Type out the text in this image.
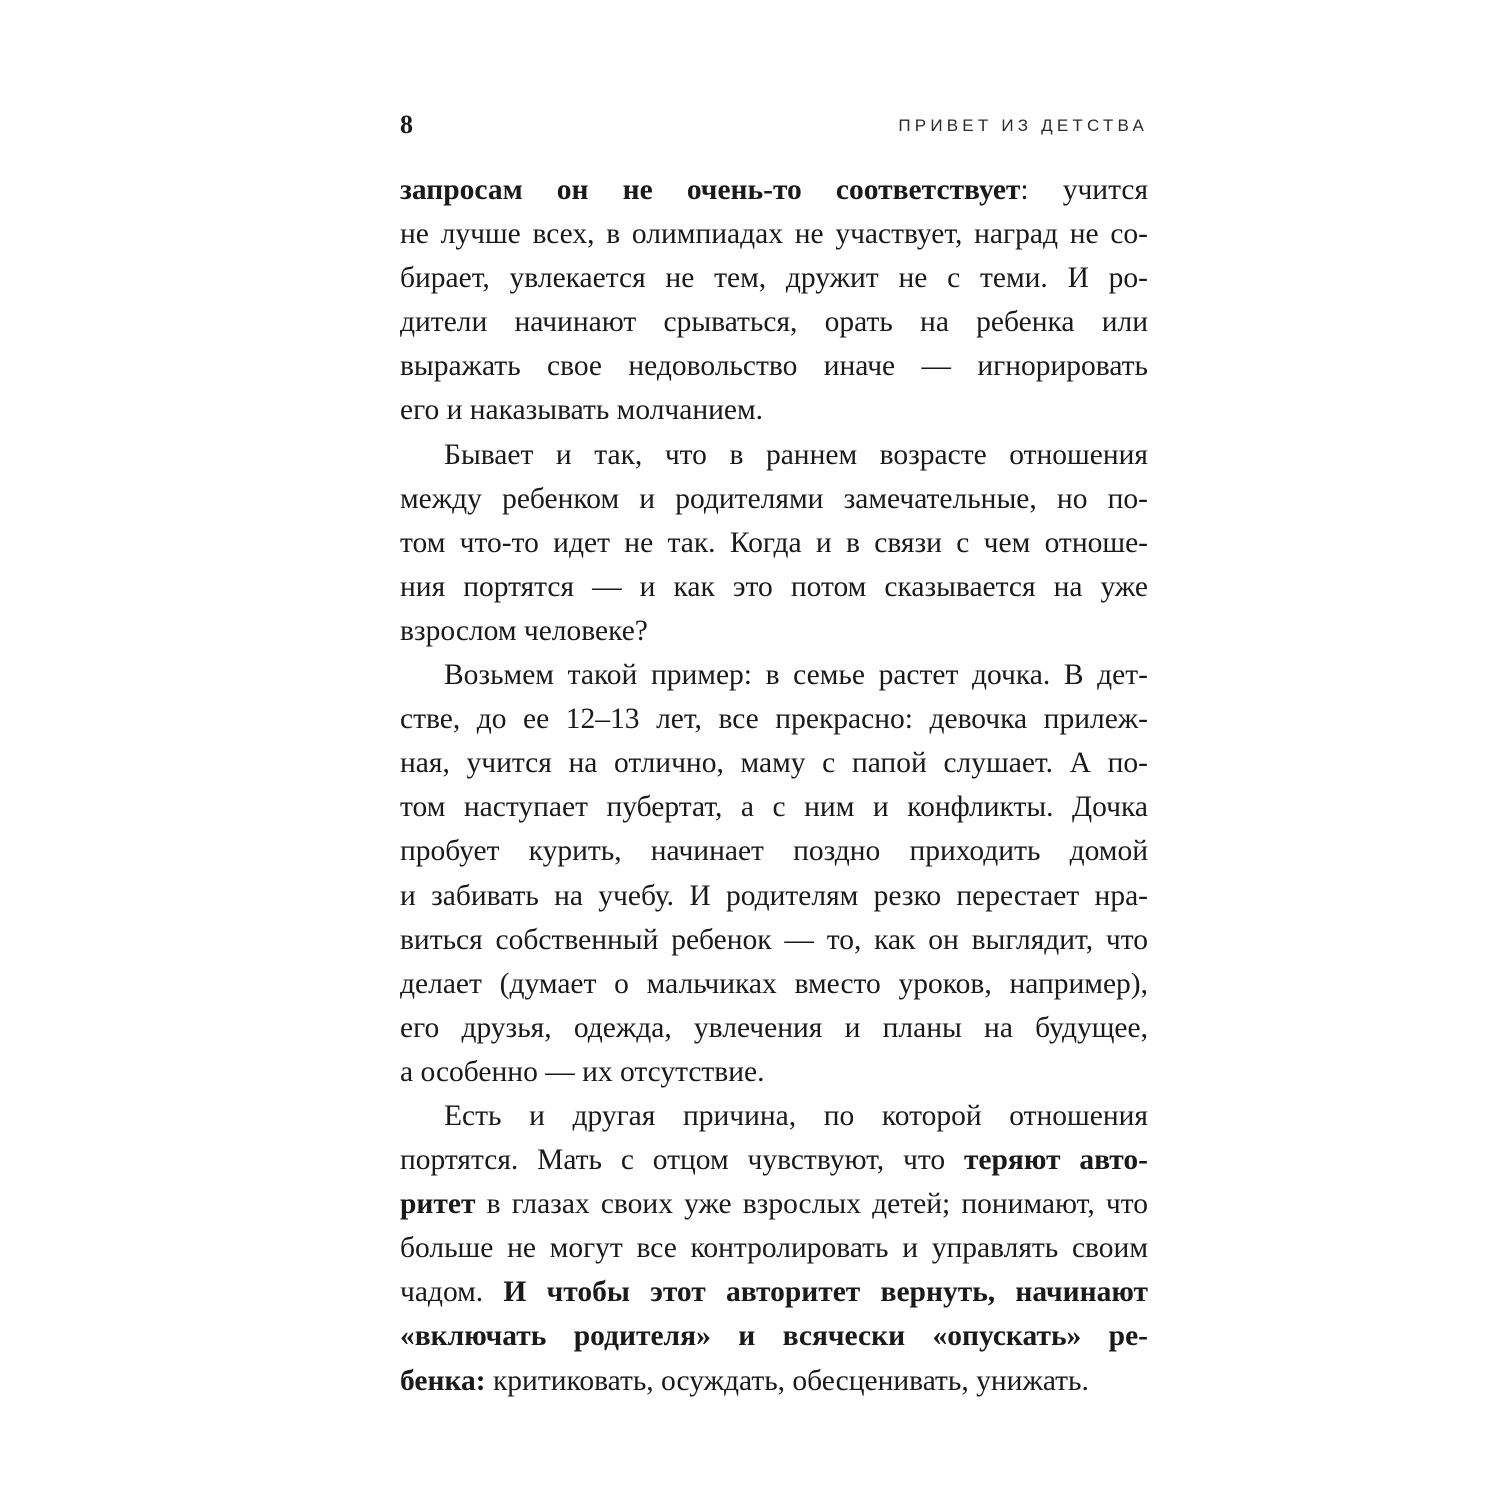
8	ПРИВЕТ ИЗ ДЕТСТВА
запросам он не очень-то соответствует: учится
не лучше всех, в олимпиадах не участвует, наград не со-
бирает, увлекается не тем, дружит не с теми. И ро-
дители начинают срываться, орать на ребенка или
выражать свое недовольство иначе — игнорировать
его и наказывать молчанием.
Бывает и так, что в раннем возрасте отношения
между ребенком и родителями замечательные, но по-
том что-то идет не так. Когда и в связи с чем отноше-
ния портятся — и как это потом сказывается на уже
взрослом человеке?
Возьмем такой пример: в семье растет дочка. В дет-
стве, до ее 12–13 лет, все прекрасно: девочка прилеж-
ная, учится на отлично, маму с папой слушает. А по-
том наступает пубертат, а с ним и конфликты. Дочка
пробует курить, начинает поздно приходить домой
и забивать на учебу. И родителям резко перестает нра-
виться собственный ребенок — то, как он выглядит, что
делает (думает о мальчиках вместо уроков, например),
его друзья, одежда, увлечения и планы на будущее,
а особенно — их отсутствие.
Есть и другая причина, по которой отношения
портятся. Мать с отцом чувствуют, что теряют авто-
ритет в глазах своих уже взрослых детей; понимают, что
больше не могут все контролировать и управлять своим
чадом. И чтобы этот авторитет вернуть, начинают
«включать родителя» и всячески «опускать» ре-
бенка: критиковать, осуждать, обесценивать, унижать.
